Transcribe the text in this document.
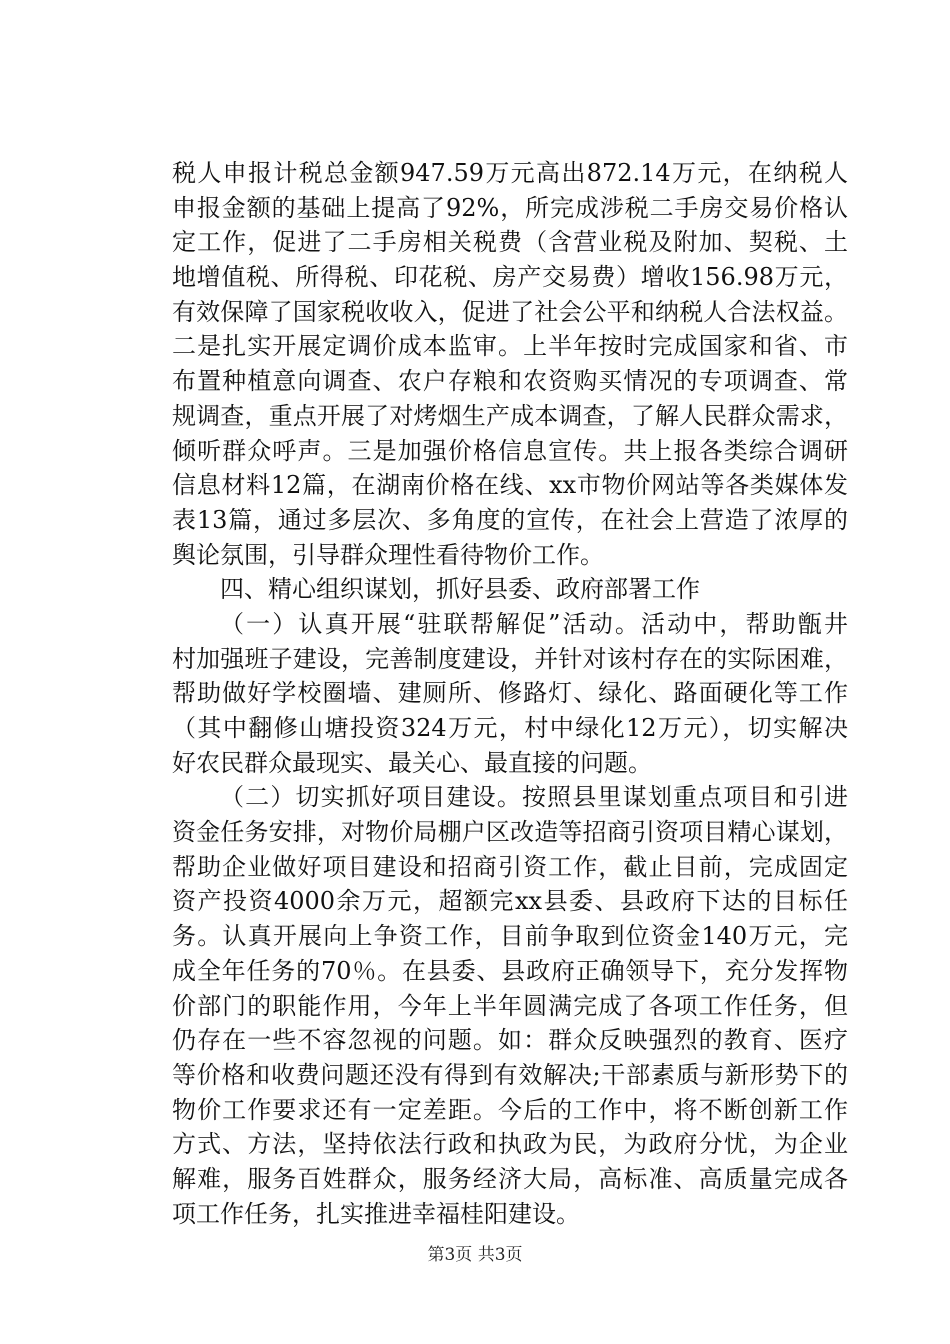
税人申报计税总金额947.59万元高出872.14万元，在纳税人
申报金额的基础上提高了92%，所完成涉税二手房交易价格认
定工作，促进了二手房相关税费（含营业税及附加、契税、土
地增值税、所得税、印花税、房产交易费）增收156.98万元，
有效保障了国家税收收入，促进了社会公平和纳税人合法权益。
二是扎实开展定调价成本监审。上半年按时完成国家和省、市
布置种植意向调查、农户存粮和农资购买情况的专项调查、常
规调查，重点开展了对烤烟生产成本调查，了解人民群众需求，
倾听群众呼声。三是加强价格信息宣传。共上报各类综合调研
信息材料12篇，在湖南价格在线、xx市物价网站等各类媒体发
表13篇，通过多层次、多角度的宣传，在社会上营造了浓厚的
舆论氛围，引导群众理性看待物价工作。
四、精心组织谋划，抓好县委、政府部署工作
（一）认真开展“驻联帮解促”活动。活动中，帮助甑井
村加强班子建设，完善制度建设，并针对该村存在的实际困难，
帮助做好学校圈墙、建厕所、修路灯、绿化、路面硬化等工作
（其中翻修山塘投资324万元，村中绿化12万元），切实解决
好农民群众最现实、最关心、最直接的问题。
（二）切实抓好项目建设。按照县里谋划重点项目和引进
资金任务安排，对物价局棚户区改造等招商引资项目精心谋划，
帮助企业做好项目建设和招商引资工作，截止目前，完成固定
资产投资4000余万元，超额完xx县委、县政府下达的目标任
务。认真开展向上争资工作，目前争取到位资金140万元，完
成全年任务的70％。在县委、县政府正确领导下，充分发挥物
价部门的职能作用，今年上半年圆满完成了各项工作任务，但
仍存在一些不容忽视的问题。如：群众反映强烈的教育、医疗
等价格和收费问题还没有得到有效解决;干部素质与新形势下的
物价工作要求还有一定差距。今后的工作中，将不断创新工作
方式、方法，坚持依法行政和执政为民，为政府分忧，为企业
解难，服务百姓群众，服务经济大局，高标准、高质量完成各
项工作任务，扎实推进幸福桂阳建设。
第3页 共3页
